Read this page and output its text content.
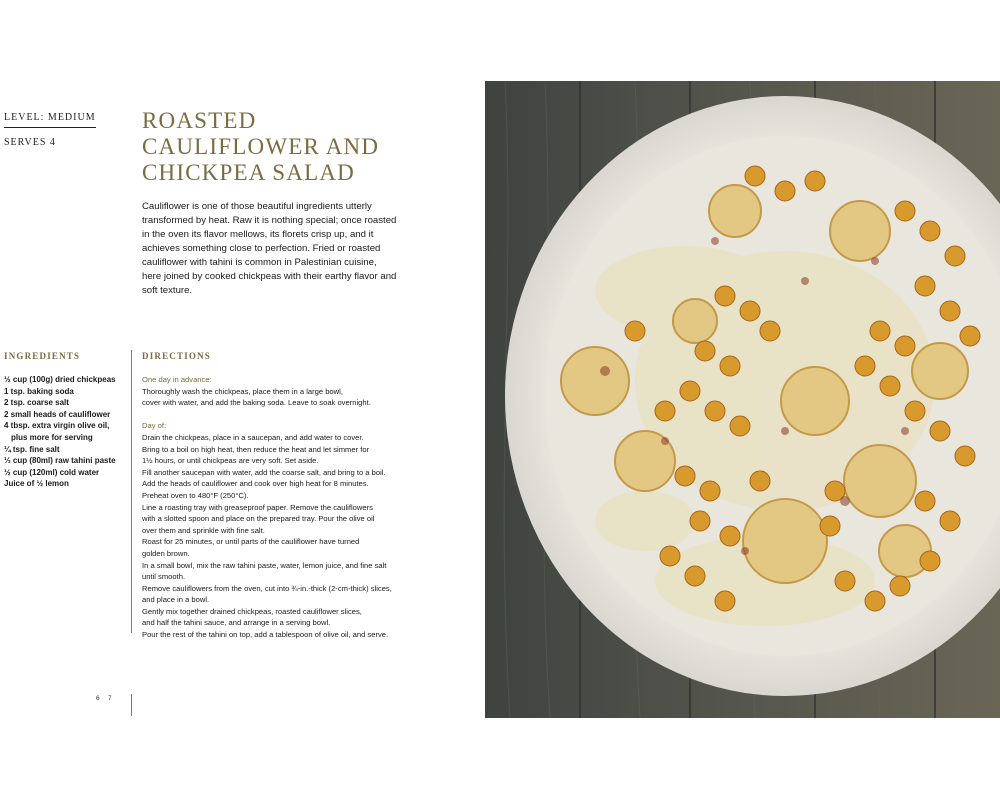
LEVEL: MEDIUM
SERVES 4
ROASTED
CAULIFLOWER AND
CHICKPEA SALAD
Cauliflower is one of those beautiful ingredients utterly transformed by heat. Raw it is nothing special; once roasted in the oven its flavor mellows, its florets crisp up, and it achieves something close to perfection. Fried or roasted cauliflower with tahini is common in Palestinian cuisine, here joined by cooked chickpeas with their earthy flavor and soft texture.
INGREDIENTS	DIRECTIONS
½ cup (100g) dried chickpeas
1 tsp. baking soda
2 tsp. coarse salt
2 small heads of cauliflower
4 tbsp. extra virgin olive oil,
plus more for serving
¼ tsp. fine salt
⅓ cup (80ml) raw tahini paste
½ cup (120ml) cold water
Juice of ½ lemon
One day in advance:
Thoroughly wash the chickpeas, place them in a large bowl,
cover with water, and add the baking soda. Leave to soak overnight.
Day of:
Drain the chickpeas, place in a saucepan, and add water to cover.
Bring to a boil on high heat, then reduce the heat and let simmer for
1½ hours, or until chickpeas are very soft. Set aside.
Fill another saucepan with water, add the coarse salt, and bring to a boil.
Add the heads of cauliflower and cook over high heat for 8 minutes.
Preheat oven to 480°F (250°C).
Line a roasting tray with greaseproof paper. Remove the cauliflowers
with a slotted spoon and place on the prepared tray. Pour the olive oil
over them and sprinkle with fine salt.
Roast for 25 minutes, or until parts of the cauliflower have turned
golden brown.
In a small bowl, mix the raw tahini paste, water, lemon juice, and fine salt
until smooth.
Remove cauliflowers from the oven, cut into ¾-in.-thick (2-cm-thick) slices,
and place in a bowl.
Gently mix together drained chickpeas, roasted cauliflower slices,
and half the tahini sauce, and arrange in a serving bowl.
Pour the rest of the tahini on top, add a tablespoon of olive oil, and serve.
6 7
